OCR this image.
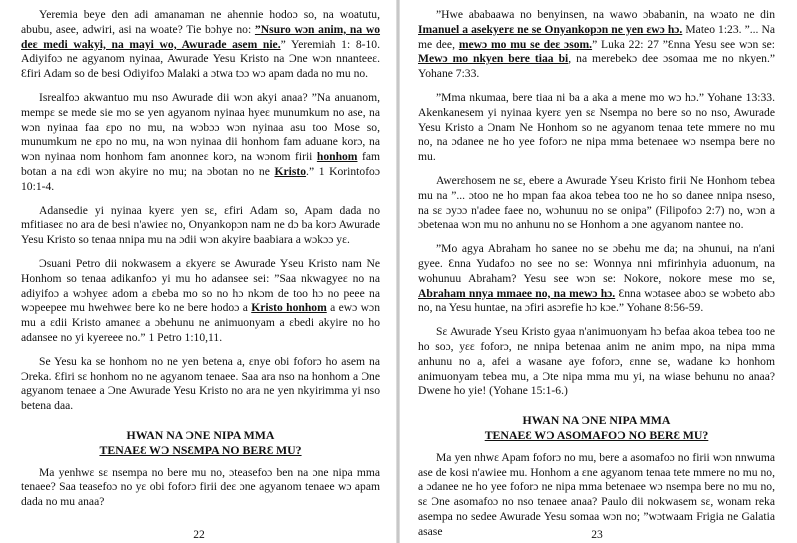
Yeremia beye den adi amanaman ne ahennie hodoɔ so, na woatutu, abubu, asee, adwiri, asi na woate? Tie bɔhye no: ”Nsuro wɔn anim, na wo deɛ medi wakyi, na mayi wo, Awurade asem nie.” Yeremiah 1: 8-10. Adiyifoɔ ne agyanom nyinaa, Awurade Yesu Kristo na Ɔne wɔn nnanteeɛ. Ɛfiri Adam so de besi Odiyifoɔ Malaki a ɔtwa tɔɔ wɔ apam dada no mu no.

Isrealfoɔ akwantuo mu nso Awurade dii wɔn akyi anaa? ”Na anuanom, mempɛ se mede sie mo se yen agyanom nyinaa hyeɛ munumkum no ase, na wɔn nyinaa faa ɛpo no mu, na wɔbɔɔ wɔn nyinaa asu too Mose so, munumkum ne ɛpo no mu, na wɔn nyinaa dii honhom fam aduane korɔ, na wɔn nyinaa nom honhom fam anonneɛ korɔ, na wɔnom firii honhom fam botan a na ɛdi wɔn akyire no mu; na ɔbotan no ne Kristo.” 1 Korintofoɔ 10:1-4.

Adansedie yi nyinaa kyerɛ yen sɛ, ɛfiri Adam so, Apam dada no mfitiaseɛ no ara de besi n'awieɛ no, Onyankopɔn nam ne dɔ ba korɔ Awurade Yesu Kristo so tenaa nnipa mu na ɔdii wɔn akyire baabiara a wɔkɔɔ yɛ.

Ɔsuani Petro dii nokwasem a ɛkyerɛ se Awurade Yseu Kristo nam Ne Honhom so tenaa adikanfoɔ yi mu ho adansee sei: ”Saa nkwagyeɛ no na adiyifoɔ a wɔhyeɛ adom a ɛbeba mo so no hɔ nkɔm de too hɔ no peee na wɔpeepee mu hwehweɛ bere ko ne bere hodoɔ a Kristo honhom a ewɔ wɔn mu a ɛdii Kristo amaneɛ a ɔbehunu ne animuonyam a ɛbedi akyire no ho adansee no yi kyereee no.” 1 Petro 1:10,11.

Se Yesu ka se honhom no ne yen betena a, ɛnye obi foforɔ ho asem na Ɔreka. Ɛfiri sɛ honhom no ne agyanom tenaee. Saa ara nso na honhom a Ɔne agyanom tenaee a Ɔne Awurade Yesu Kristo no ara ne yen nkyirimma yi nso betena daa.

HWAN NA ƆNE NIPA MMA
TENAEƐ WƆ NSƐMPA NO BERƐ MU?

Ma yenhwɛ sɛ nsempa no bere mu no, ɔteasefoɔ ben na ɔne nipa mma tenaee? Saa teasefoɔ no yɛ obi foforɔ firii deɛ ɔne agyanom tenaee wɔ apam dada no mu anaa?

22

”Hwe ababaawa no benyinsen, na wawo ɔbabanin, na wɔato ne din Imanuel a asekyerɛ ne se Onyankopɔn ne yen ɛwɔ hɔ. Mateo 1:23. ”... Na me dee, mewɔ mo mu se deɛ ɔsom.” Luka 22: 27 ”Ɛnna Yesu see wɔn se: Mewɔ mo nkyen bere tiaa bi, na merebekɔ dee ɔsomaa me no nkyen.” Yohane 7:33.

”Mma nkumaa, bere tiaa ni ba a aka a mene mo wɔ hɔ.” Yohane 13:33. Akenkanesem yi nyinaa kyerɛ yen sɛ Nsempa no bere so no nso, Awurade Yesu Kristo a Ɔnam Ne Honhom so ne agyanom tenaa tete mmere no mu no, na ɔdanee ne ho yee foforɔ ne nipa mma betenaee wɔ nsempa bere no mu.

Awerɛhosem ne sɛ, ebere a Awurade Yseu Kristo firii Ne Honhom tebea mu na ”... ɔtoo ne ho mpan faa akoa tebea too ne ho so danee nnipa nseso, na sɛ ɔyɔɔ n'adee faee no, wɔhunuu no se onipa” (Filipofoɔ 2:7) no, wɔn a ɔbetenaa wɔn mu no anhunu no se Honhom a ɔne agyanom nantee no.

”Mo agya Abraham ho sanee no se ɔbehu me da; na ɔhunui, na n'ani gyee. Ɛnna Yudafoɔ no see no se: Wonnya nni mfirinhyia aduonum, na wohunuu Abraham? Yesu see wɔn se: Nokore, nokore mese mo se, Abraham nnya mmaee no, na mewɔ hɔ. Ɛnna wɔtasee aboɔ se wɔbeto abɔ no, na Yesu huntae, na ɔfiri asɔrefie hɔ kɔe.” Yohane 8:56-59.

Sɛ Awurade Yseu Kristo gyaa n'animuonyam hɔ befaa akoa tebea too ne ho soɔ, yɛɛ foforɔ, ne nnipa betenaa anim ne anim mpo, na nipa mma anhunu no a, afei a wasane aye foforɔ, ɛnne se, wadane kɔ honhom animuonyam tebea mu, a Ɔte nipa mma mu yi, na wiase behunu no anaa? Dwene ho yie! (Yohane 15:1-6.)

HWAN NA ƆNE NIPA MMA
TENAEƐ WƆ ASOMAFOƆ NO BERƐ MU?

Ma yen nhwɛ Apam foforɔ no mu, bere a asomafoɔ no firii wɔn nnwuma ase de kosi n'awiee mu. Honhom a ɛne agyanom tenaa tete mmere no mu no, a ɔdanee ne ho yee foforɔ ne nipa mma betenaee wɔ nsempa bere no mu no, sɛ Ɔne asomafoɔ no nso tenaee anaa? Paulo dii nokwasem sɛ, wonam reka asempa no sedee Awurade Yesu somaa wɔn no; ”wɔtwaam Frigia ne Galatia asase	23
